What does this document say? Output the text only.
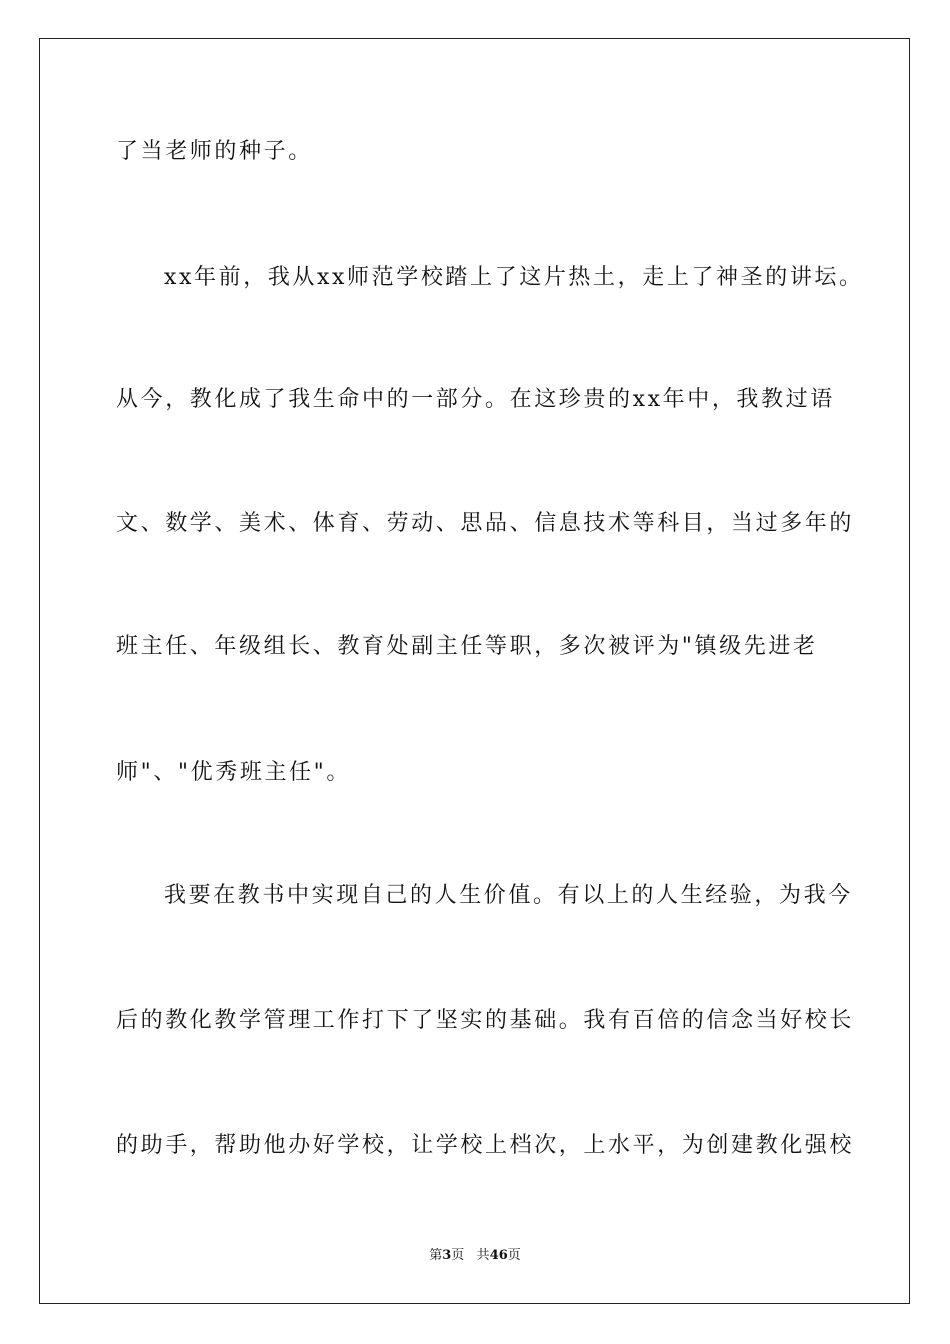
了当老师的种子。
xx年前，我从xx师范学校踏上了这片热土，走上了神圣的讲坛。
从今，教化成了我生命中的一部分。在这珍贵的xx年中，我教过语
文、数学、美术、体育、劳动、思品、信息技术等科目，当过多年的
班主任、年级组长、教育处副主任等职，多次被评为"镇级先进老
师"、"优秀班主任"。
我要在教书中实现自己的人生价值。有以上的人生经验，为我今
后的教化教学管理工作打下了坚实的基础。我有百倍的信念当好校长
的助手，帮助他办好学校，让学校上档次，上水平，为创建教化强校
第3页 共46页
